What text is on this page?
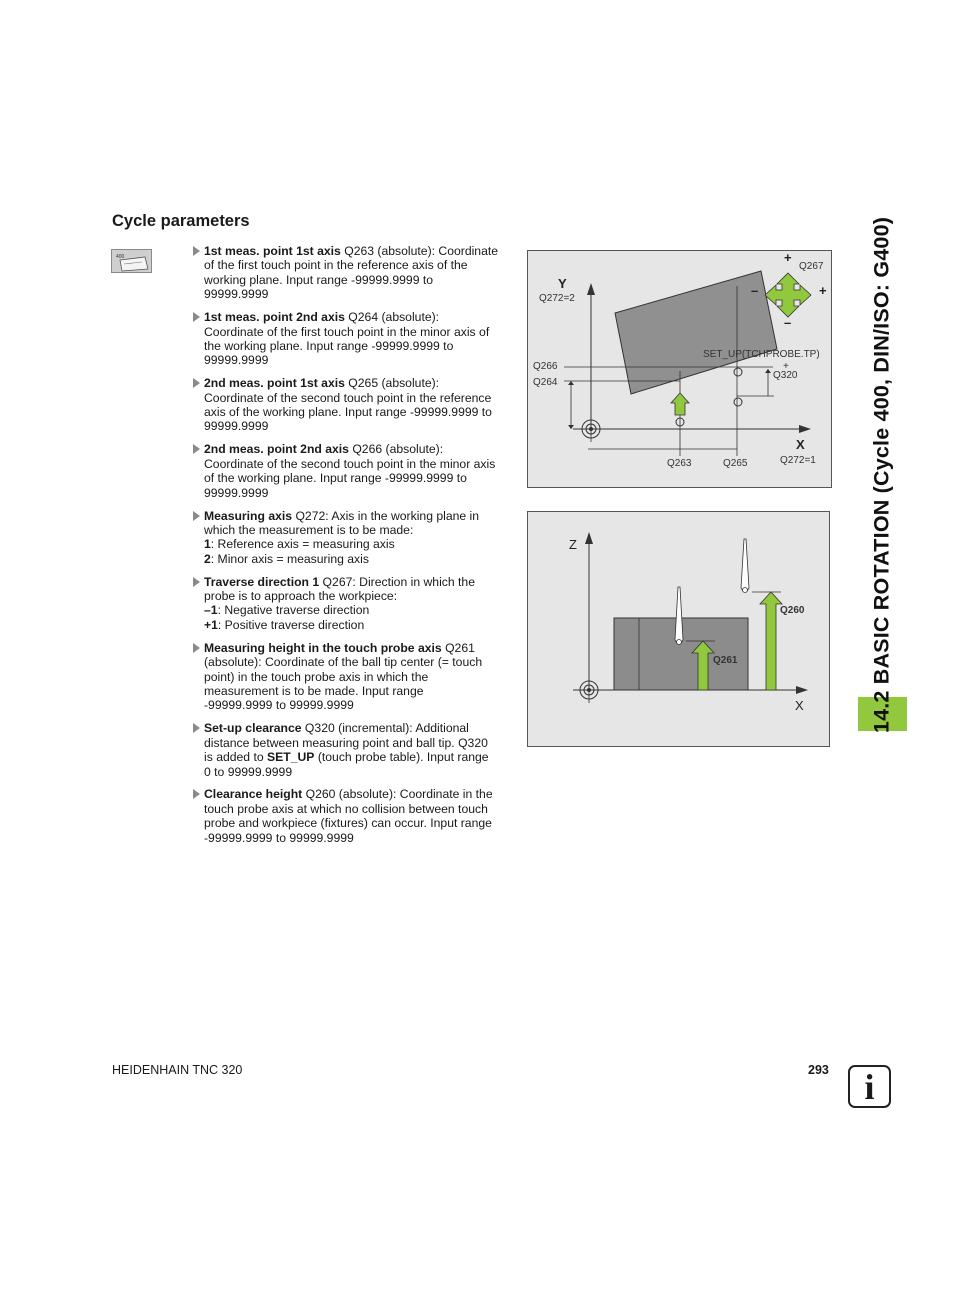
Cycle parameters
400	1st meas. point 1st axis Q263 (absolute): Coordinate
of the first touch point in the reference axis of the
working plane. Input range -99999.9999 to
99999.9999
1st meas. point 2nd axis Q264 (absolute):
Coordinate of the first touch point in the minor axis of
the working plane. Input range -99999.9999 to
99999.9999
2nd meas. point 1st axis Q265 (absolute):
Coordinate of the second touch point in the reference
axis of the working plane. Input range -99999.9999 to
99999.9999
2nd meas. point 2nd axis Q266 (absolute):
Coordinate of the second touch point in the minor axis
of the working plane. Input range -99999.9999 to
99999.9999
Measuring axis Q272: Axis in the working plane in
which the measurement is to be made:
1: Reference axis = measuring axis
2: Minor axis = measuring axis
Traverse direction 1 Q267: Direction in which the
probe is to approach the workpiece:
–1: Negative traverse direction
+1: Positive traverse direction
Measuring height in the touch probe axis Q261
(absolute): Coordinate of the ball tip center (= touch
point) in the touch probe axis in which the
measurement is to be made. Input range
-99999.9999 to 99999.9999
Set-up clearance Q320 (incremental): Additional
distance between measuring point and ball tip. Q320
is added to SET_UP (touch probe table). Input range
0 to 99999.9999
Clearance height Q260 (absolute): Coordinate in the
touch probe axis at which no collision between touch
probe and workpiece (fixtures) can occur. Input range
-99999.9999 to 99999.9999
Y
Q272=2
X
Q272=1
Q267
+
+
–
–
SET_UP(TCHPROBE.TP)
+
Q320
Q266
Q264
Q263	Q265
Z
X
Q260
Q261	14.2 BASIC ROTATION (Cycle 400, DIN/ISO: G400)
HEIDENHAIN TNC 320	293 i
